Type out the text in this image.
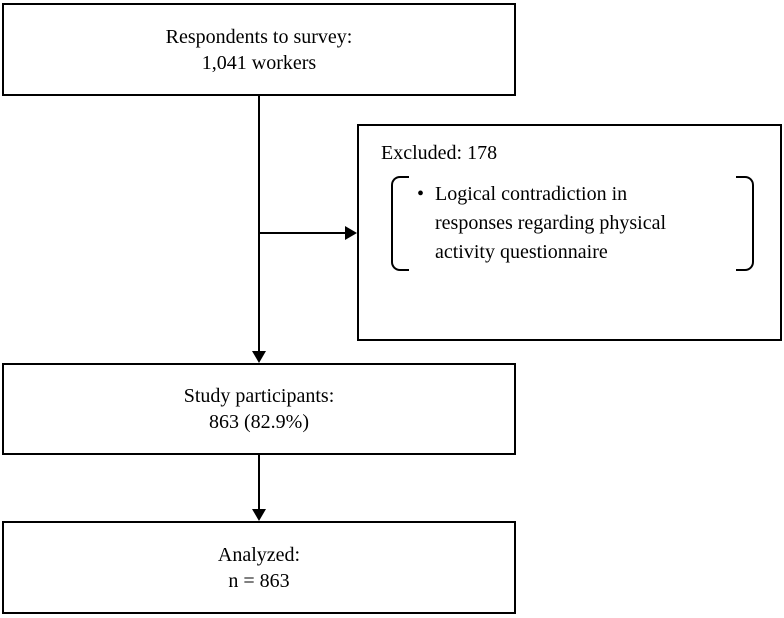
Respondents to survey:
1,041 workers
Excluded: 178
• Logical contradiction in
responses regarding physical
activity questionnaire
Study participants:
863 (82.9%)
Analyzed:
n = 863
